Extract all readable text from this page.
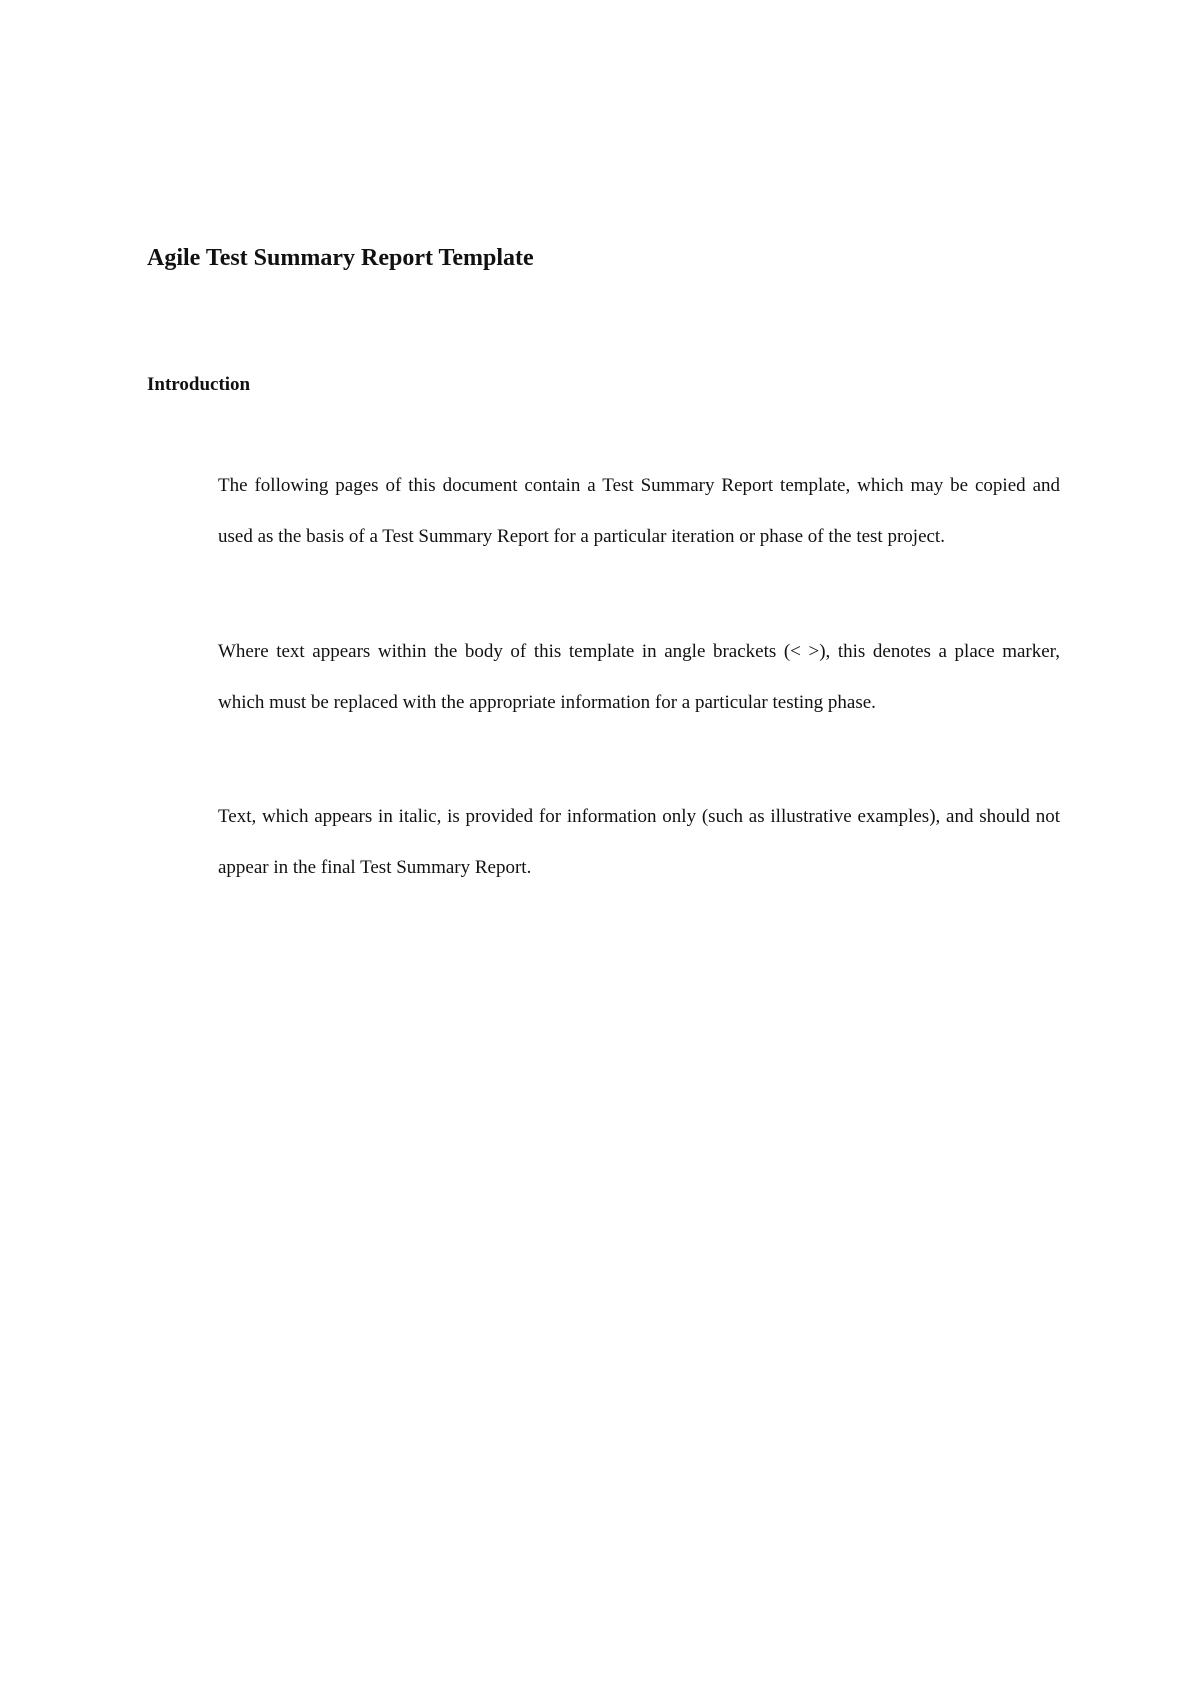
Agile Test Summary Report Template
Introduction

The following pages of this document contain a Test Summary Report template, which may be copied and used as the basis of a Test Summary Report for a particular iteration or phase of the test project.

Where text appears within the body of this template in angle brackets (< >), this denotes a place marker, which must be replaced with the appropriate information for a particular testing phase.

Text, which appears in italic, is provided for information only (such as illustrative examples), and should not appear in the final Test Summary Report.
